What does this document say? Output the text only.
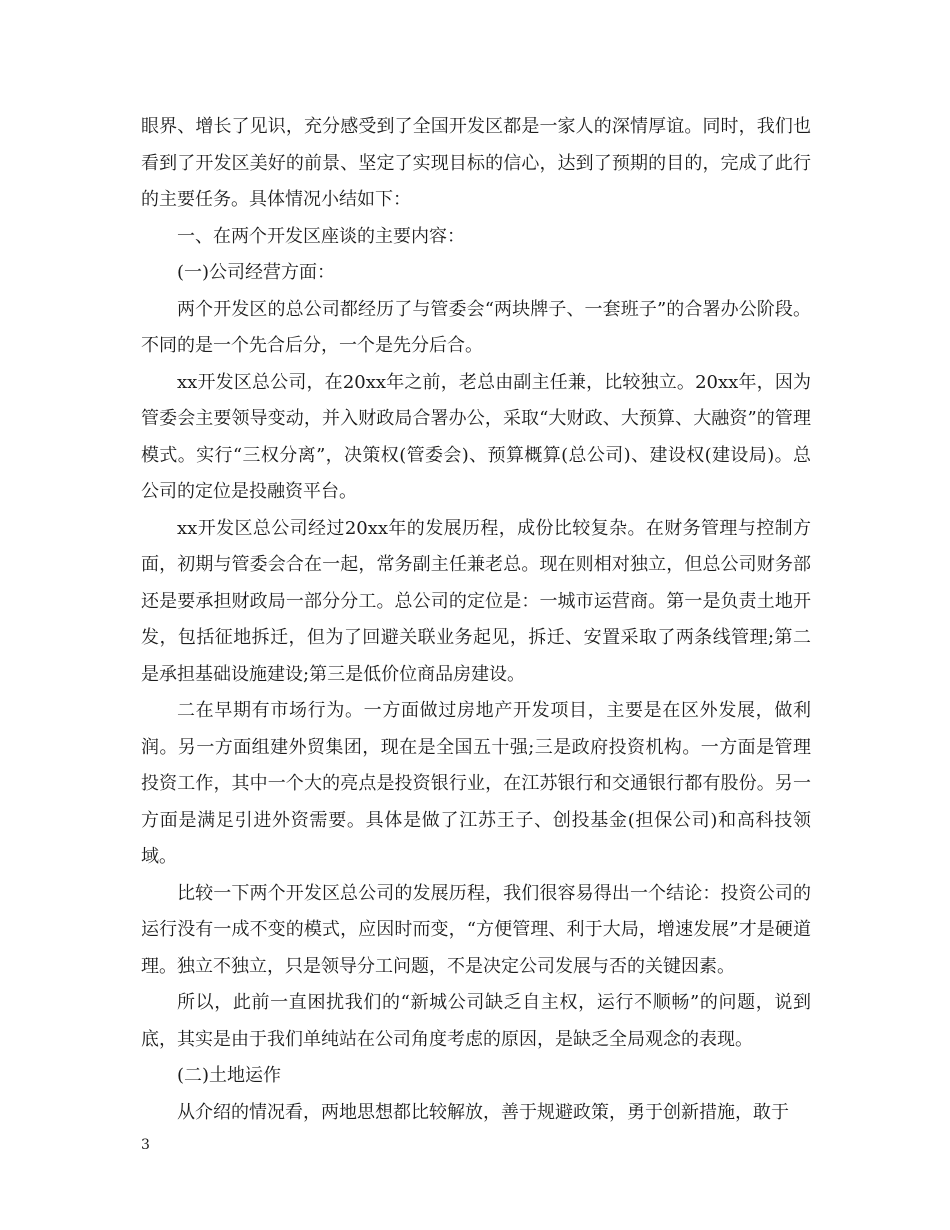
眼界、增长了见识，充分感受到了全国开发区都是一家人的深情厚谊。同时，我们也看到了开发区美好的前景、坚定了实现目标的信心，达到了预期的目的，完成了此行的主要任务。具体情况小结如下：

一、在两个开发区座谈的主要内容：

(一)公司经营方面：

两个开发区的总公司都经历了与管委会“两块牌子、一套班子”的合署办公阶段。不同的是一个先合后分，一个是先分后合。

xx开发区总公司，在20xx年之前，老总由副主任兼，比较独立。20xx年，因为管委会主要领导变动，并入财政局合署办公，采取“大财政、大预算、大融资”的管理模式。实行“三权分离”，决策权(管委会)、预算概算(总公司)、建设权(建设局)。总公司的定位是投融资平台。

xx开发区总公司经过20xx年的发展历程，成份比较复杂。在财务管理与控制方面，初期与管委会合在一起，常务副主任兼老总。现在则相对独立，但总公司财务部还是要承担财政局一部分分工。总公司的定位是：一城市运营商。第一是负责土地开发，包括征地拆迁，但为了回避关联业务起见，拆迁、安置采取了两条线管理;第二是承担基础设施建设;第三是低价位商品房建设。

二在早期有市场行为。一方面做过房地产开发项目，主要是在区外发展，做利润。另一方面组建外贸集团，现在是全国五十强;三是政府投资机构。一方面是管理投资工作，其中一个大的亮点是投资银行业，在江苏银行和交通银行都有股份。另一方面是满足引进外资需要。具体是做了江苏王子、创投基金(担保公司)和高科技领域。

比较一下两个开发区总公司的发展历程，我们很容易得出一个结论：投资公司的运行没有一成不变的模式，应因时而变，“方便管理、利于大局，增速发展”才是硬道理。独立不独立，只是领导分工问题，不是决定公司发展与否的关键因素。

所以，此前一直困扰我们的“新城公司缺乏自主权，运行不顺畅”的问题，说到底，其实是由于我们单纯站在公司角度考虑的原因，是缺乏全局观念的表现。

(二)土地运作

从介绍的情况看，两地思想都比较解放，善于规避政策，勇于创新措施，敢于

3
